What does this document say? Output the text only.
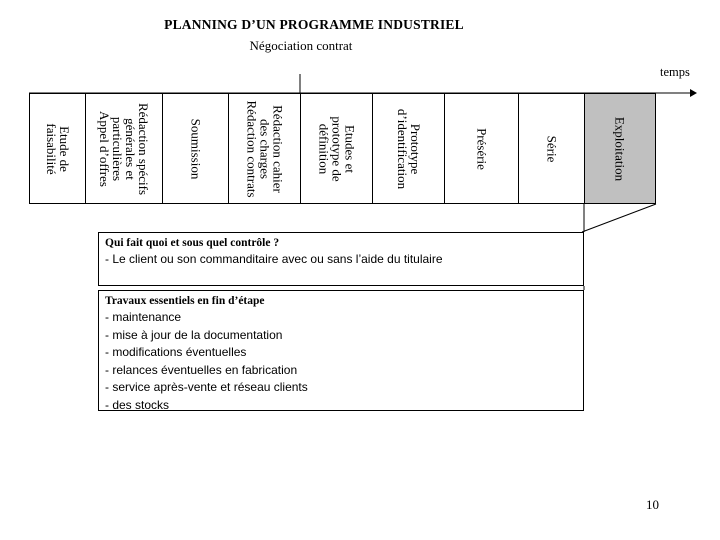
PLANNING D’UN PROGRAMME INDUSTRIEL
Négociation contrat
temps
Etude de
faisabilité	Rédaction spécifs
générales et
particulières
Appel d’offres	Soumission	Rédaction cahier
des charges
Rédaction contrats
Etudes et
prototype de
définition	Prototype
d’identification	Présérie	Série	Exploitation
Qui fait quoi et sous quel contrôle ?
- Le client ou son commanditaire avec ou sans l’aide du titulaire
Travaux essentiels en fin d’étape
- maintenance
- mise à jour de la documentation
- modifications éventuelles
- relances éventuelles en fabrication
- service après-vente et réseau clients
- des stocks
10
